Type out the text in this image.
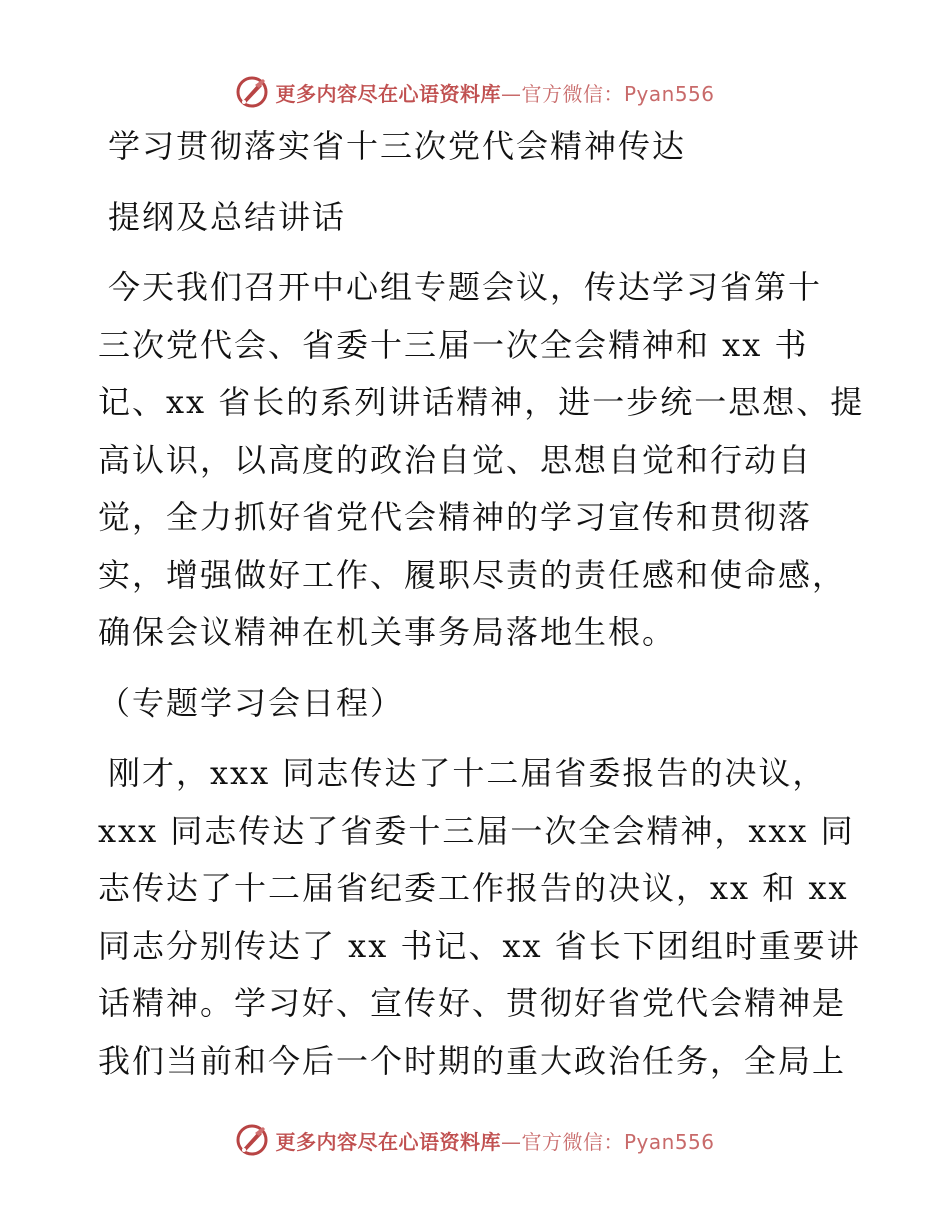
更多内容尽在心语资料库—官方微信：Pyan556
学习贯彻落实省十三次党代会精神传达
提纲及总结讲话
今天我们召开中心组专题会议，传达学习省第十
三次党代会、省委十三届一次全会精神和 xx 书
记、xx 省长的系列讲话精神，进一步统一思想、提
高认识，以高度的政治自觉、思想自觉和行动自
觉，全力抓好省党代会精神的学习宣传和贯彻落
实，增强做好工作、履职尽责的责任感和使命感，
确保会议精神在机关事务局落地生根。
（专题学习会日程）
刚才，xxx 同志传达了十二届省委报告的决议，
xxx 同志传达了省委十三届一次全会精神，xxx 同
志传达了十二届省纪委工作报告的决议，xx 和 xx
同志分别传达了 xx 书记、xx 省长下团组时重要讲
话精神。学习好、宣传好、贯彻好省党代会精神是
我们当前和今后一个时期的重大政治任务，全局上
更多内容尽在心语资料库—官方微信：Pyan556
